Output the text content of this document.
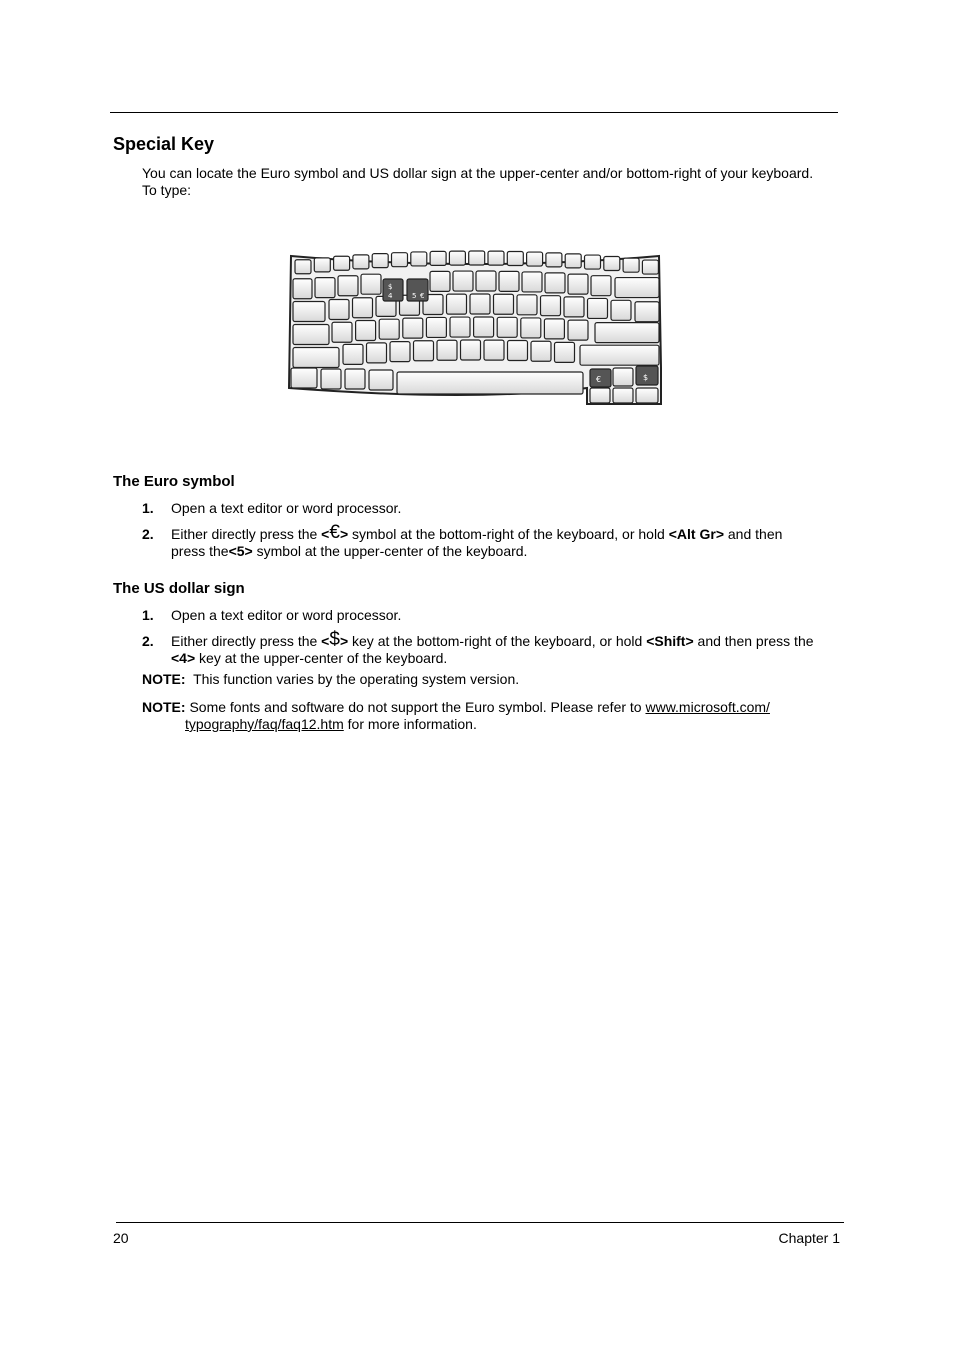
Special Key
You can locate the Euro symbol and US dollar sign at the upper-center and/or bottom-right of your keyboard.
To type:
$
4	5 €
€	$
The Euro symbol
1. Open a text editor or word processor.
2. Either directly press the <€> symbol at the bottom-right of the keyboard, or hold <Alt Gr> and then
press the<5> symbol at the upper-center of the keyboard.
The US dollar sign
1. Open a text editor or word processor.
2. Either directly press the <$> key at the bottom-right of the keyboard, or hold <Shift> and then press the
<4> key at the upper-center of the keyboard.
NOTE: This function varies by the operating system version.
NOTE: Some fonts and software do not support the Euro symbol. Please refer to www.microsoft.com/
typography/faq/faq12.htm for more information.
20	Chapter 1
